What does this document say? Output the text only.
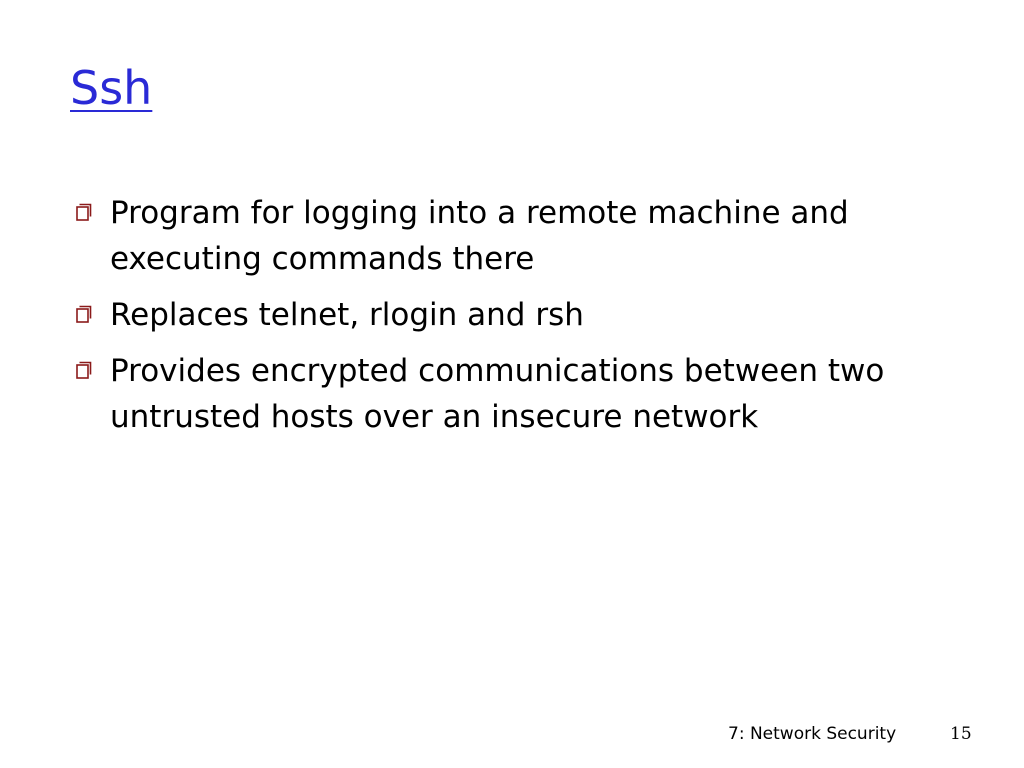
Ssh
Program for logging into a remote machine and executing commands there
Replaces telnet, rlogin and rsh
Provides encrypted communications between two untrusted hosts over an insecure network
7: Network Security	15
